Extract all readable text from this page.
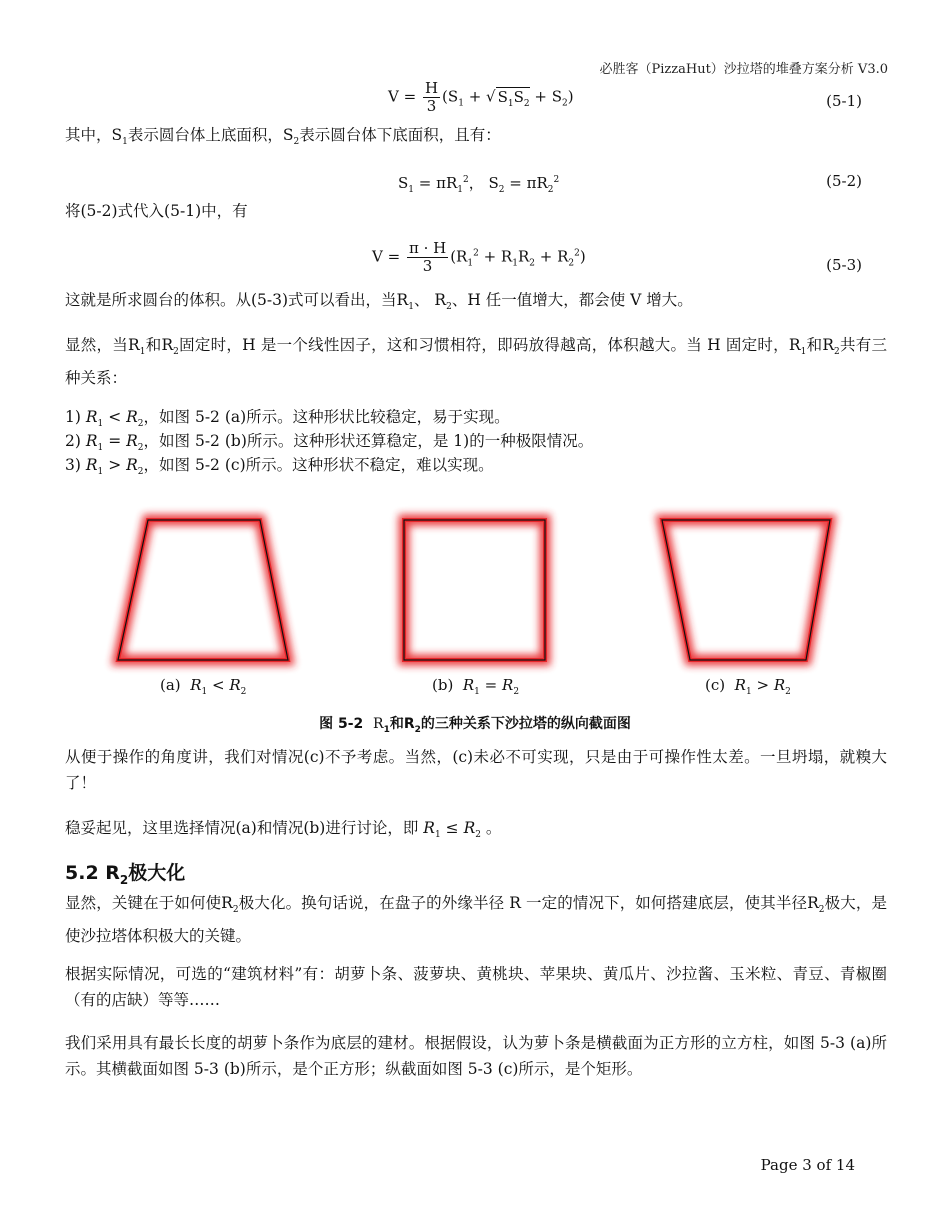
必胜客（PizzaHut）沙拉塔的堆叠方案分析 V3.0
$V = \frac{H}{3} (S_1$ + √ $S_1S_2 + S_2$)	(5-1)

其中，$S_1$表示圆台体上底面积，$S_2$表示圆台体下底面积，且有：

$S_1 = \pi R_1^2$， $S_2 = \pi R_2^2$	(5-2)

将(5-2)式代入(5-1)中，有

$V = \frac{\pi \cdot H}{3} (R_1^2 + R_1R_2 + R_2^2)$	(5-3)

这就是所求圆台的体积。从(5-3)式可以看出，当$R_1$、 $R_2$、H 任一值增大，都会使 V 增大。

显然，当$R_1$和$R_2$固定时，H 是一个线性因子，这和习惯相符，即码放得越高，体积越大。当 H 固定时，$R_1$和$R_2$共有三种关系：

1) $R_1 < R_2$，如图 5-2 (a)所示。这种形状比较稳定，易于实现。
2) $R_1 = R_2$，如图 5-2 (b)所示。这种形状还算稳定，是 1)的一种极限情况。
3) $R_1 > R_2$，如图 5-2 (c)所示。这种形状不稳定，难以实现。
(a) $R_1 < R_2$	(b) $R_1 = R_2$	(c) $R_1 > R_2$
图 5-2 $R_1$和$R_2$的三种关系下沙拉塔的纵向截面图

从便于操作的角度讲，我们对情况(c)不予考虑。当然，(c)未必不可实现，只是由于可操作性太差。一旦坍塌，就糗大了！

稳妥起见，这里选择情况(a)和情况(b)进行讨论，即 $R_1 \le R_2$ 。

5.2 $R_2$极大化

显然，关键在于如何使$R_2$极大化。换句话说，在盘子的外缘半径 R 一定的情况下，如何搭建底层，使其半径$R_2$极大，是使沙拉塔体积极大的关键。

根据实际情况，可选的“建筑材料”有：胡萝卜条、菠萝块、黄桃块、苹果块、黄瓜片、沙拉酱、玉米粒、青豆、青椒圈（有的店缺）等等……

我们采用具有最长长度的胡萝卜条作为底层的建材。根据假设，认为萝卜条是横截面为正方形的立方柱，如图 5-3 (a)所示。其横截面如图 5-3 (b)所示，是个正方形；纵截面如图 5-3 (c)所示，是个矩形。

Page 3 of 14
